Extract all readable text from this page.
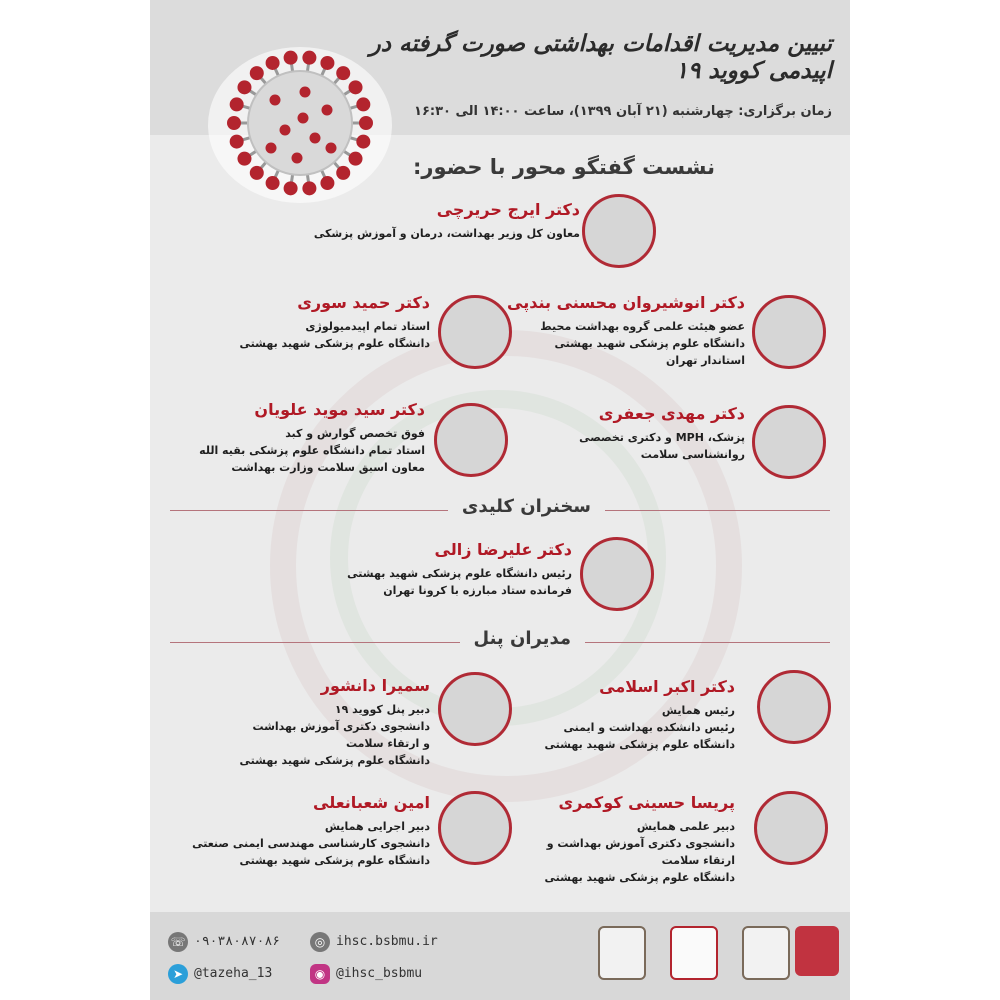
تبیین مدیریت اقدامات بهداشتی صورت گرفته در اپیدمی کووید ۱۹
زمان برگزاری: چهارشنبه (۲۱ آبان ۱۳۹۹)، ساعت ۱۴:۰۰ الی ۱۶:۳۰
نشست گفتگو محور با حضور:
دکتر ایرج حریرچی
معاون کل وزیر بهداشت، درمان و آموزش پزشکی
دکتر انوشیروان محسنی بندپی
عضو هیئت علمی گروه بهداشت محیط
دانشگاه علوم پزشکی شهید بهشتی
استاندار تهران
دکتر حمید سوری
استاد تمام اپیدمیولوژی
دانشگاه علوم پزشکی شهید بهشتی
دکتر مهدی جعفری
پزشک، MPH و دکتری تخصصی
روانشناسی سلامت
دکتر سید موید علویان
فوق تخصص گوارش و کبد
استاد تمام دانشگاه علوم پزشکی بقیه الله
معاون اسبق سلامت وزارت بهداشت
سخنران کلیدی
دکتر علیرضا زالی
رئیس دانشگاه علوم پزشکی شهید بهشتی
فرمانده ستاد مبارزه با کرونا تهران
مدیران پنل
دکتر اکبر اسلامی
رئیس همایش
رئیس دانشکده بهداشت و ایمنی
دانشگاه علوم پزشکی شهید بهشتی
سمیرا دانشور
دبیر پنل کووید ۱۹
دانشجوی دکتری آموزش بهداشت
و ارتقاء سلامت
دانشگاه علوم پزشکی شهید بهشتی
پریسا حسینی کوکمری
دبیر علمی همایش
دانشجوی دکتری آموزش بهداشت و
ارتقاء سلامت
دانشگاه علوم پزشکی شهید بهشتی
امین شعبانعلی
دبیر اجرایی همایش
دانشجوی کارشناسی مهندسی ایمنی صنعتی
دانشگاه علوم پزشکی شهید بهشتی
☏ ۰۹۰۳۸۰۸۷۰۸۶	◎ ihsc.bsbmu.ir
➤ @tazeha_13	◉ @ihsc_bsbmu
